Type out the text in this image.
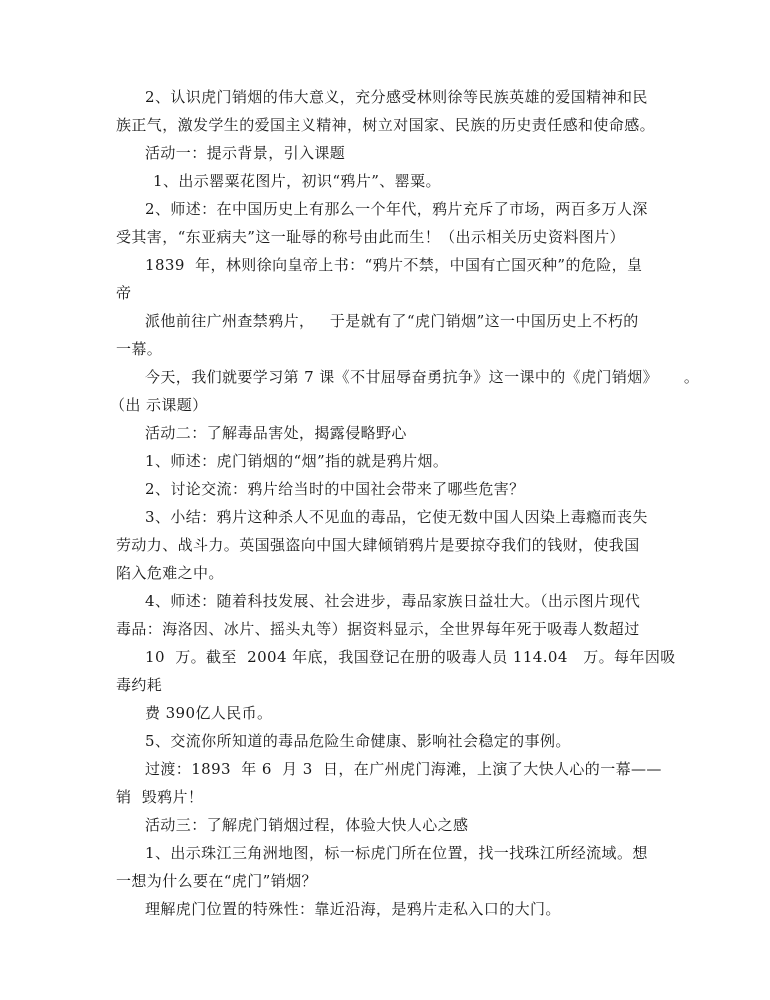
2、认识虎门销烟的伟大意义，充分感受林则徐等民族英雄的爱国精神和民
族正气，激发学生的爱国主义精神，树立对国家、民族的历史责任感和使命感。
活动一：提示背景，引入课题
1、出示罂粟花图片，初识“鸦片”、罂粟。
2、师述：在中国历史上有那么一个年代，鸦片充斥了市场，两百多万人深
受其害，“东亚病夫”这一耻辱的称号由此而生！（出示相关历史资料图片）
1839  年，林则徐向皇帝上书：“鸦片不禁，中国有亡国灭种”的危险，皇
帝
派他前往广州查禁鸦片，   于是就有了“虎门销烟”这一中国历史上不朽的
一幕。
今天，我们就要学习第 7 课《不甘屈辱奋勇抗争》这一课中的《虎门销烟》     。
（出 示课题）
活动二：了解毒品害处，揭露侵略野心
1、师述：虎门销烟的“烟”指的就是鸦片烟。
2、讨论交流：鸦片给当时的中国社会带来了哪些危害？
3、小结：鸦片这种杀人不见血的毒品，它使无数中国人因染上毒瘾而丧失
劳动力、战斗力。英国强盗向中国大肆倾销鸦片是要掠夺我们的钱财，使我国
陷入危难之中。
4、师述：随着科技发展、社会进步，毒品家族日益壮大。（出示图片现代
毒品：海洛因、冰片、摇头丸等）据资料显示，全世界每年死于吸毒人数超过
10  万。截至  2004 年底，我国登记在册的吸毒人员 114.04   万。每年因吸
毒约耗
费 390亿人民币。
5、交流你所知道的毒品危险生命健康、影响社会稳定的事例。
过渡：1893  年 6  月 3  日，在广州虎门海滩，上演了大快人心的一幕——
销  毁鸦片！
活动三：了解虎门销烟过程，体验大快人心之感
1、出示珠江三角洲地图，标一标虎门所在位置，找一找珠江所经流域。想
一想为什么要在“虎门”销烟？
理解虎门位置的特殊性：靠近沿海，是鸦片走私入口的大门。
